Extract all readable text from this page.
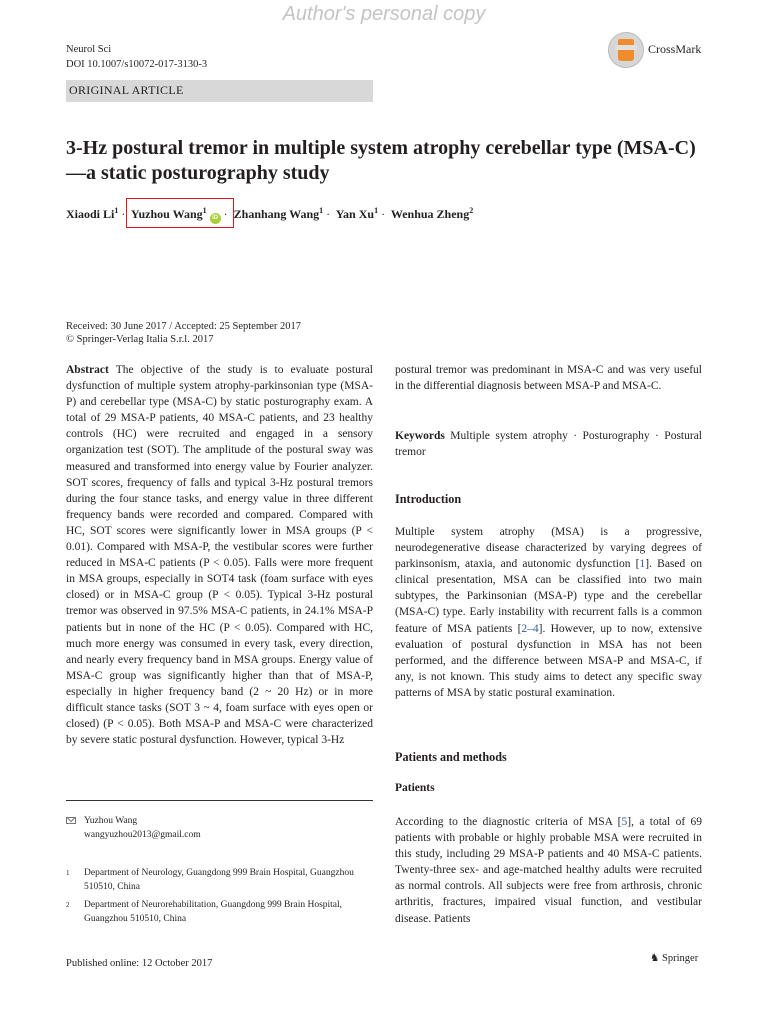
Author's personal copy
Neurol Sci
DOI 10.1007/s10072-017-3130-3
ORIGINAL ARTICLE
CrossMark
3-Hz postural tremor in multiple system atrophy cerebellar type (MSA-C)—a static posturography study
Xiaodi $Li^1$ · Yuzhou Wang$^1$ iD · Zhanhang Wang$^1$ · Yan $Xu^1$ · Wenhua Zheng$^2$
Received: 30 June 2017 / Accepted: 25 September 2017
© Springer-Verlag Italia S.r.l. 2017
Abstract The objective of the study is to evaluate postural dysfunction of multiple system atrophy-parkinsonian type (MSA-P) and cerebellar type (MSA-C) by static posturography exam. A total of 29 MSA-P patients, 40 MSA-C patients, and 23 healthy controls (HC) were recruited and engaged in a sensory organization test (SOT). The amplitude of the postural sway was measured and transformed into energy value by Fourier analyzer. SOT scores, frequency of falls and typical 3-Hz postural tremors during the four stance tasks, and energy value in three different frequency bands were recorded and compared. Compared with HC, SOT scores were significantly lower in MSA groups (P < 0.01). Compared with MSA-P, the vestibular scores were further reduced in MSA-C patients (P < 0.05). Falls were more frequent in MSA groups, especially in SOT4 task (foam surface with eyes closed) or in MSA-C group (P < 0.05). Typical 3-Hz postural tremor was observed in 97.5% MSA-C patients, in 24.1% MSA-P patients but in none of the HC (P < 0.05). Compared with HC, much more energy was consumed in every task, every direction, and nearly every frequency band in MSA groups. Energy value of MSA-C group was significantly higher than that of MSA-P, especially in higher frequency band (2 ~ 20 Hz) or in more difficult stance tasks (SOT 3 ~ 4, foam surface with eyes open or closed) (P < 0.05). Both MSA-P and MSA-C were characterized by severe static postural dysfunction. However, typical 3-Hz
Yuzhou Wang
wangyuzhou2013@gmail.com
1 Department of Neurology, Guangdong 999 Brain Hospital, Guangzhou 510510, China
2 Department of Neurorehabilitation, Guangdong 999 Brain Hospital, Guangzhou 510510, China
postural tremor was predominant in MSA-C and was very useful in the differential diagnosis between MSA-P and MSA-C.
Keywords Multiple system atrophy · Posturography · Postural tremor
Introduction
Multiple system atrophy (MSA) is a progressive, neurodegenerative disease characterized by varying degrees of parkinsonism, ataxia, and autonomic dysfunction [1]. Based on clinical presentation, MSA can be classified into two main subtypes, the Parkinsonian (MSA-P) type and the cerebellar (MSA-C) type. Early instability with recurrent falls is a common feature of MSA patients [2–4]. However, up to now, extensive evaluation of postural dysfunction in MSA has not been performed, and the difference between MSA-P and MSA-C, if any, is not known. This study aims to detect any specific sway patterns of MSA by static postural examination.
Patients and methods
Patients
According to the diagnostic criteria of MSA [5], a total of 69 patients with probable or highly probable MSA were recruited in this study, including 29 MSA-P patients and 40 MSA-C patients. Twenty-three sex- and age-matched healthy adults were recruited as normal controls. All subjects were free from arthrosis, chronic arthritis, fractures, impaired visual function, and vestibular disease. Patients
Published online: 12 October 2017	♞ Springer
